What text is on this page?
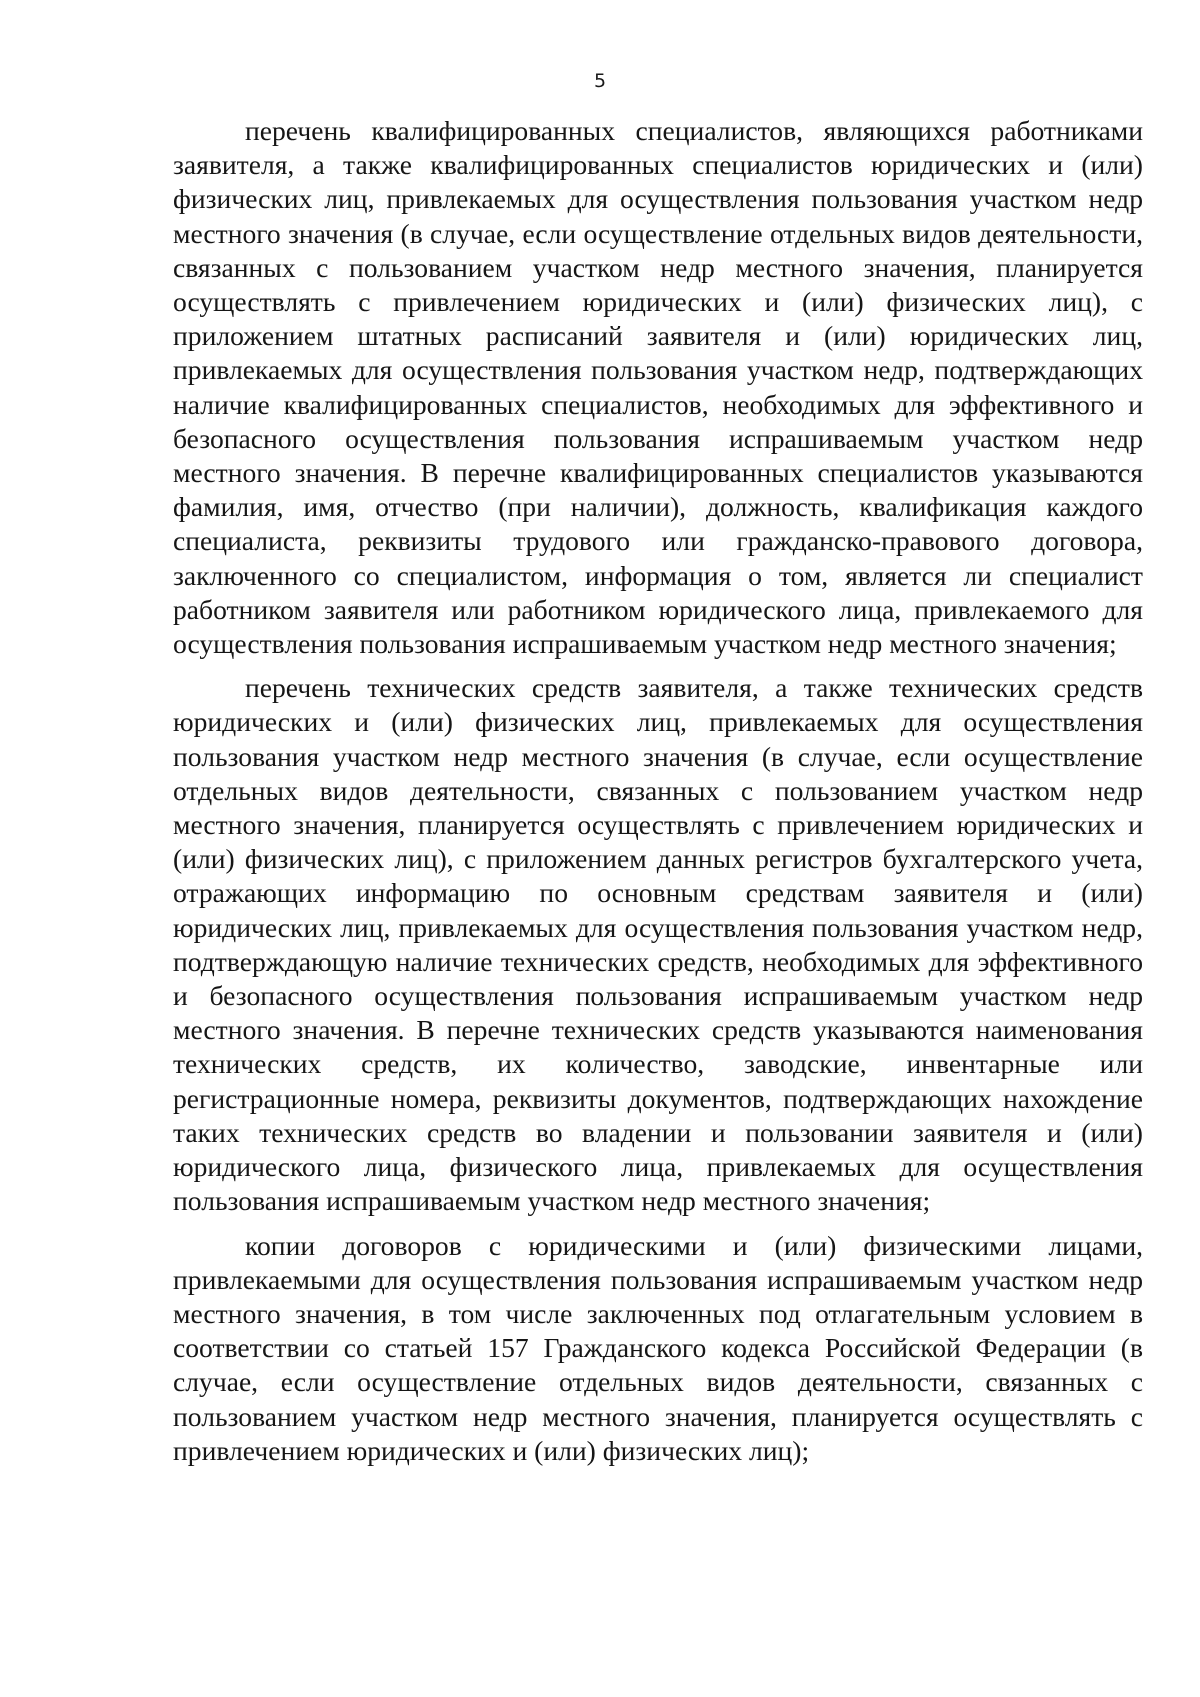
5

перечень квалифицированных специалистов, являющихся работниками заявителя, а также квалифицированных специалистов юридических и (или) физических лиц, привлекаемых для осуществления пользования участком недр местного значения (в случае, если осуществление отдельных видов деятельности, связанных с пользованием участком недр местного значения, планируется осуществлять с привлечением юридических и (или) физических лиц), с приложением штатных расписаний заявителя и (или) юридических лиц, привлекаемых для осуществления пользования участком недр, подтверждающих наличие квалифицированных специалистов, необходимых для эффективного и безопасного осуществления пользования испрашиваемым участком недр местного значения. В перечне квалифицированных специалистов указываются фамилия, имя, отчество (при наличии), должность, квалификация каждого специалиста, реквизиты трудового или гражданско-правового договора, заключенного со специалистом, информация о том, является ли специалист работником заявителя или работником юридического лица, привлекаемого для осуществления пользования испрашиваемым участком недр местного значения;

перечень технических средств заявителя, а также технических средств юридических и (или) физических лиц, привлекаемых для осуществления пользования участком недр местного значения (в случае, если осуществление отдельных видов деятельности, связанных с пользованием участком недр местного значения, планируется осуществлять с привлечением юридических и (или) физических лиц), с приложением данных регистров бухгалтерского учета, отражающих информацию по основным средствам заявителя и (или) юридических лиц, привлекаемых для осуществления пользования участком недр, подтверждающую наличие технических средств, необходимых для эффективного и безопасного осуществления пользования испрашиваемым участком недр местного значения. В перечне технических средств указываются наименования технических средств, их количество, заводские, инвентарные или регистрационные номера, реквизиты документов, подтверждающих нахождение таких технических средств во владении и пользовании заявителя и (или) юридического лица, физического лица, привлекаемых для осуществления пользования испрашиваемым участком недр местного значения;

копии договоров с юридическими и (или) физическими лицами, привлекаемыми для осуществления пользования испрашиваемым участком недр местного значения, в том числе заключенных под отлагательным условием в соответствии со статьей 157 Гражданского кодекса Российской Федерации (в случае, если осуществление отдельных видов деятельности, связанных с пользованием участком недр местного значения, планируется осуществлять с привлечением юридических и (или) физических лиц);
